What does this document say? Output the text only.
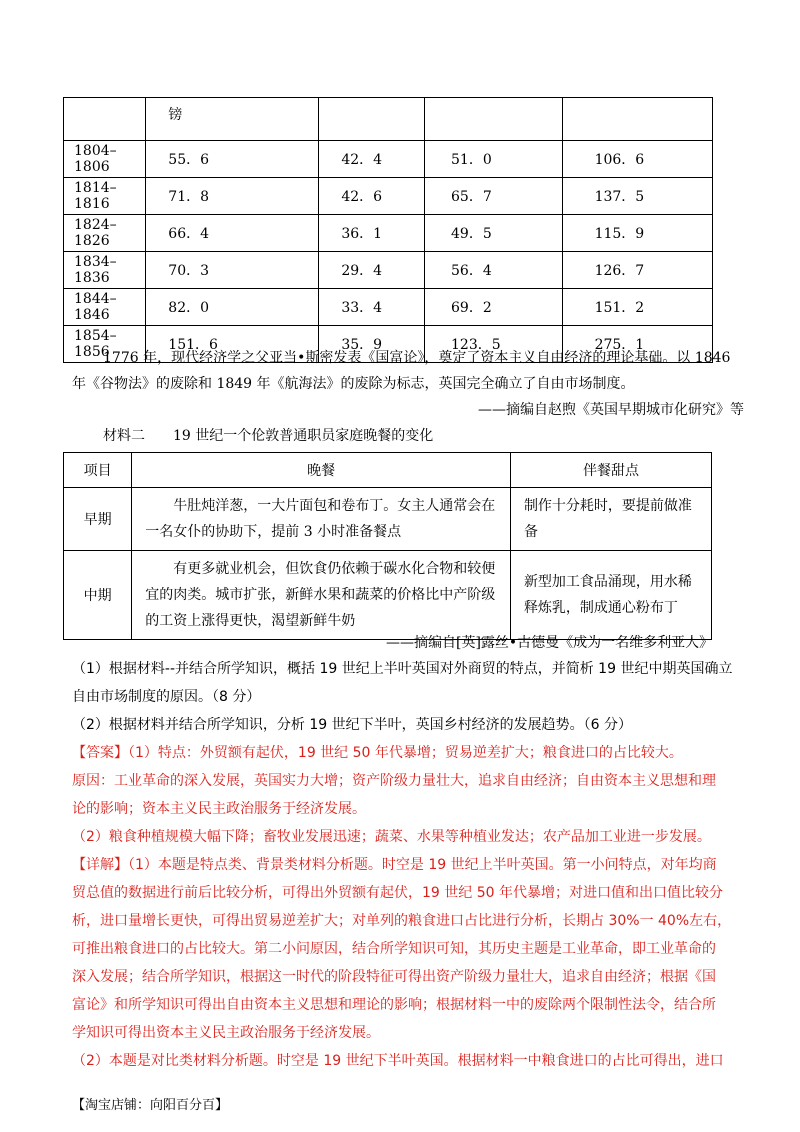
	镑			
1804–1806	55．6	42．4	51．0	106．6
1814–1816	71．8	42．6	65．7	137．5
1824–1826	66．4	36．1	49．5	115．9
1834–1836	70．3	29．4	56．4	126．7
1844–1846	82．0	33．4	69．2	151．2
1854–1856	151．6	35．9	123．5	275．1
1776 年，现代经济学之父亚当•斯密发表《国富论》，奠定了资本主义自由经济的理论基础。以 1846
年《谷物法》的废除和 1849 年《航海法》的废除为标志，英国完全确立了自由市场制度。
——摘编自赵煦《英国早期城市化研究》等
材料二　　19 世纪一个伦敦普通职员家庭晚餐的变化
项目	晚餐	伴餐甜点
早期	　　牛肚炖洋葱，一大片面包和卷布丁。女主人通常会在一名女仆的协助下，提前 3 小时准备餐点	制作十分耗时，要提前做准备

中期	　　有更多就业机会，但饮食仍依赖于碳水化合物和较便宜的肉类。城市扩张，新鲜水果和蔬菜的价格比中产阶级的工资上涨得更快，渴望新鲜牛奶	新型加工食品涌现，用水稀释炼乳，制成通心粉布丁
——摘编自[英]露丝•古德曼《成为一名维多利亚人》
（1）根据材料--并结合所学知识，概括 19 世纪上半叶英国对外商贸的特点，并简析 19 世纪中期英国确立
自由市场制度的原因。（8 分）
（2）根据材料并结合所学知识，分析 19 世纪下半叶，英国乡村经济的发展趋势。（6 分）
【答案】（1）特点：外贸额有起伏，19 世纪 50 年代暴增；贸易逆差扩大；粮食进口的占比较大。
原因：工业革命的深入发展，英国实力大增；资产阶级力量壮大，追求自由经济；自由资本主义思想和理
论的影响；资本主义民主政治服务于经济发展。
（2）粮食种植规模大幅下降；畜牧业发展迅速；蔬菜、水果等种植业发达；农产品加工业进一步发展。
【详解】（1）本题是特点类、背景类材料分析题。时空是 19 世纪上半叶英国。第一小问特点，对年均商
贸总值的数据进行前后比较分析，可得出外贸额有起伏，19 世纪 50 年代暴增；对进口值和出口值比较分
析，进口量增长更快，可得出贸易逆差扩大；对单列的粮食进口占比进行分析，长期占 30%一 40%左右，
可推出粮食进口的占比较大。第二小问原因，结合所学知识可知，其历史主题是工业革命，即工业革命的
深入发展；结合所学知识，根据这一时代的阶段特征可得出资产阶级力量壮大，追求自由经济；根据《国
富论》和所学知识可得出自由资本主义思想和理论的影响；根据材料一中的废除两个限制性法令，结合所
学知识可得出资本主义民主政治服务于经济发展。
（2）本题是对比类材料分析题。时空是 19 世纪下半叶英国。根据材料一中粮食进口的占比可得出，进口
【淘宝店铺：向阳百分百】
